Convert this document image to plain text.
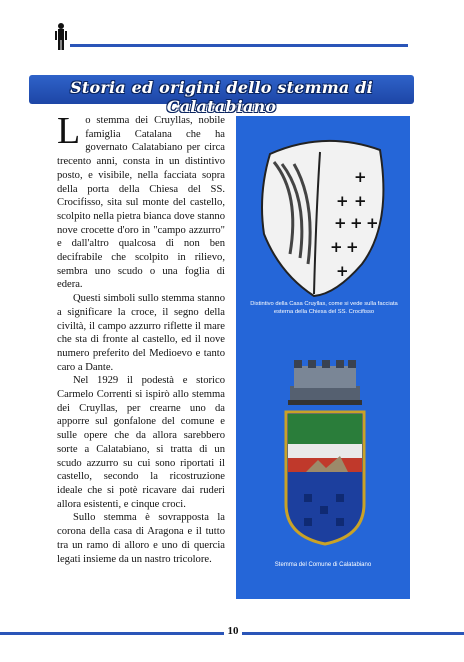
Storia ed origini dello stemma di Calatabiano

Lo stemma dei Cruyllas, nobile famiglia Catalana che ha governato Calatabiano per circa trecento anni, consta in un distintivo posto, e visibile, nella facciata sopra della porta della Chiesa del SS. Crocifisso, sita sul monte del castello, scolpito nella pietra bianca dove stanno nove crocette d'oro in "campo azzurro" e dall'altro qualcosa di non ben decifrabile che scolpito in rilievo, sembra uno scudo o una foglia di edera.

Questi simboli sullo stemma stanno a significare la croce, il segno della civiltà, il campo azzurro riflette il mare che sta di fronte al castello, ed il nove numero preferito del Medioevo e tanto caro a Dante.

Nel 1929 il podestà e storico Carmelo Correnti si ispirò allo stemma dei Cruyllas, per crearne uno da apporre sul gonfalone del comune e sulle opere che da allora sarebbero sorte a Calatabiano, si tratta di un scudo azzurro su cui sono riportati il castello, secondo la ricostruzione ideale che si potè ricavare dai ruderi allora esistenti, e cinque croci.

Sullo stemma è sovrapposta la corona della casa di Aragona e il tutto tra un ramo di alloro e uno di quercia legati insieme da un nastro tricolore.

+
+ +
+ + +
+ +
+
Distintivo della Casa Cruyllas, come si vede sulla facciata esterna della Chiesa del SS. Crocifisso
Stemma del Comune di Calatabiano
10
